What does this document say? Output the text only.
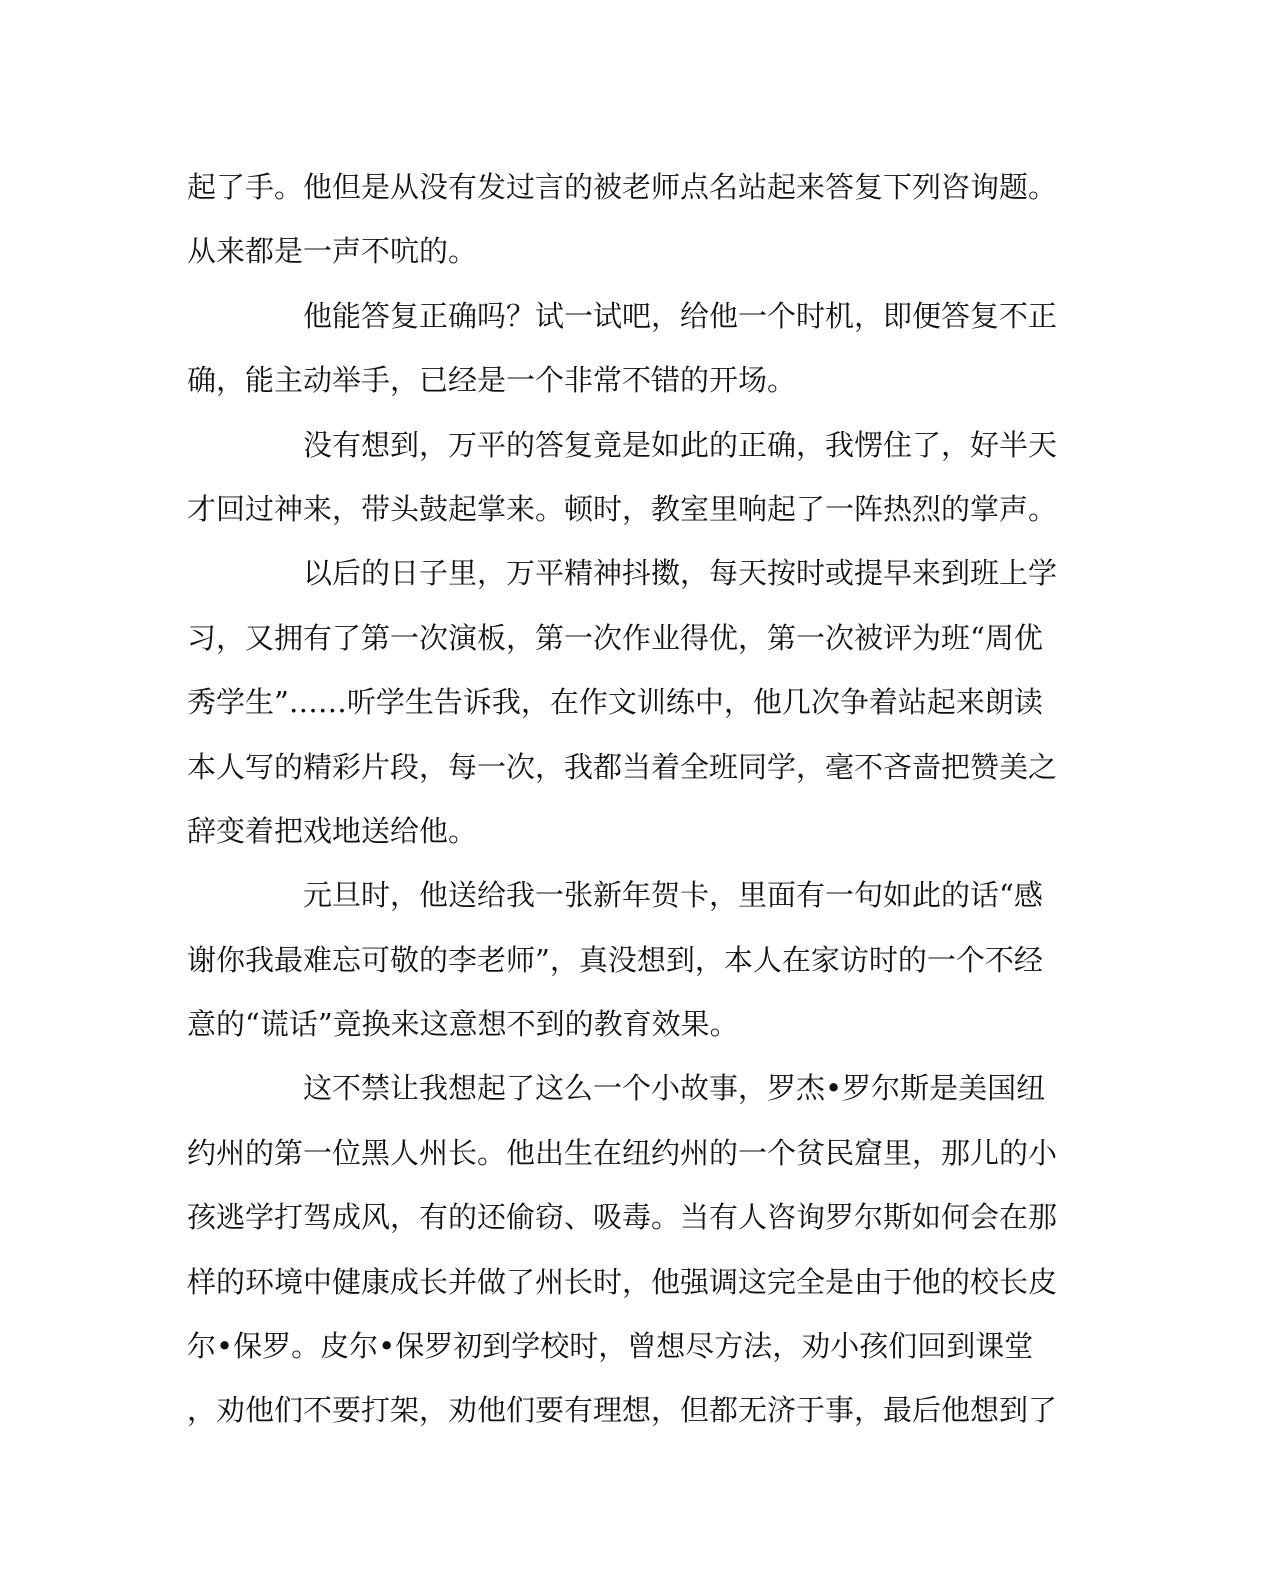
起了手。他但是从没有发过言的被老师点名站起来答复下列咨询题。
从来都是一声不吭的。
他能答复正确吗？试一试吧，给他一个时机，即便答复不正
确，能主动举手，已经是一个非常不错的开场。
没有想到，万平的答复竟是如此的正确，我愣住了，好半天
才回过神来，带头鼓起掌来。顿时，教室里响起了一阵热烈的掌声。
以后的日子里，万平精神抖擞，每天按时或提早来到班上学
习，又拥有了第一次演板，第一次作业得优，第一次被评为班“周优
秀学生”……听学生告诉我，在作文训练中，他几次争着站起来朗读
本人写的精彩片段，每一次，我都当着全班同学，毫不吝啬把赞美之
辞变着把戏地送给他。
元旦时，他送给我一张新年贺卡，里面有一句如此的话“感
谢你我最难忘可敬的李老师”，真没想到，本人在家访时的一个不经
意的“谎话”竟换来这意想不到的教育效果。
这不禁让我想起了这么一个小故事，罗杰•罗尔斯是美国纽
约州的第一位黑人州长。他出生在纽约州的一个贫民窟里，那儿的小
孩逃学打驾成风，有的还偷窃、吸毒。当有人咨询罗尔斯如何会在那
样的环境中健康成长并做了州长时，他强调这完全是由于他的校长皮
尔•保罗。皮尔•保罗初到学校时，曾想尽方法，劝小孩们回到课堂
，劝他们不要打架，劝他们要有理想，但都无济于事，最后他想到了
